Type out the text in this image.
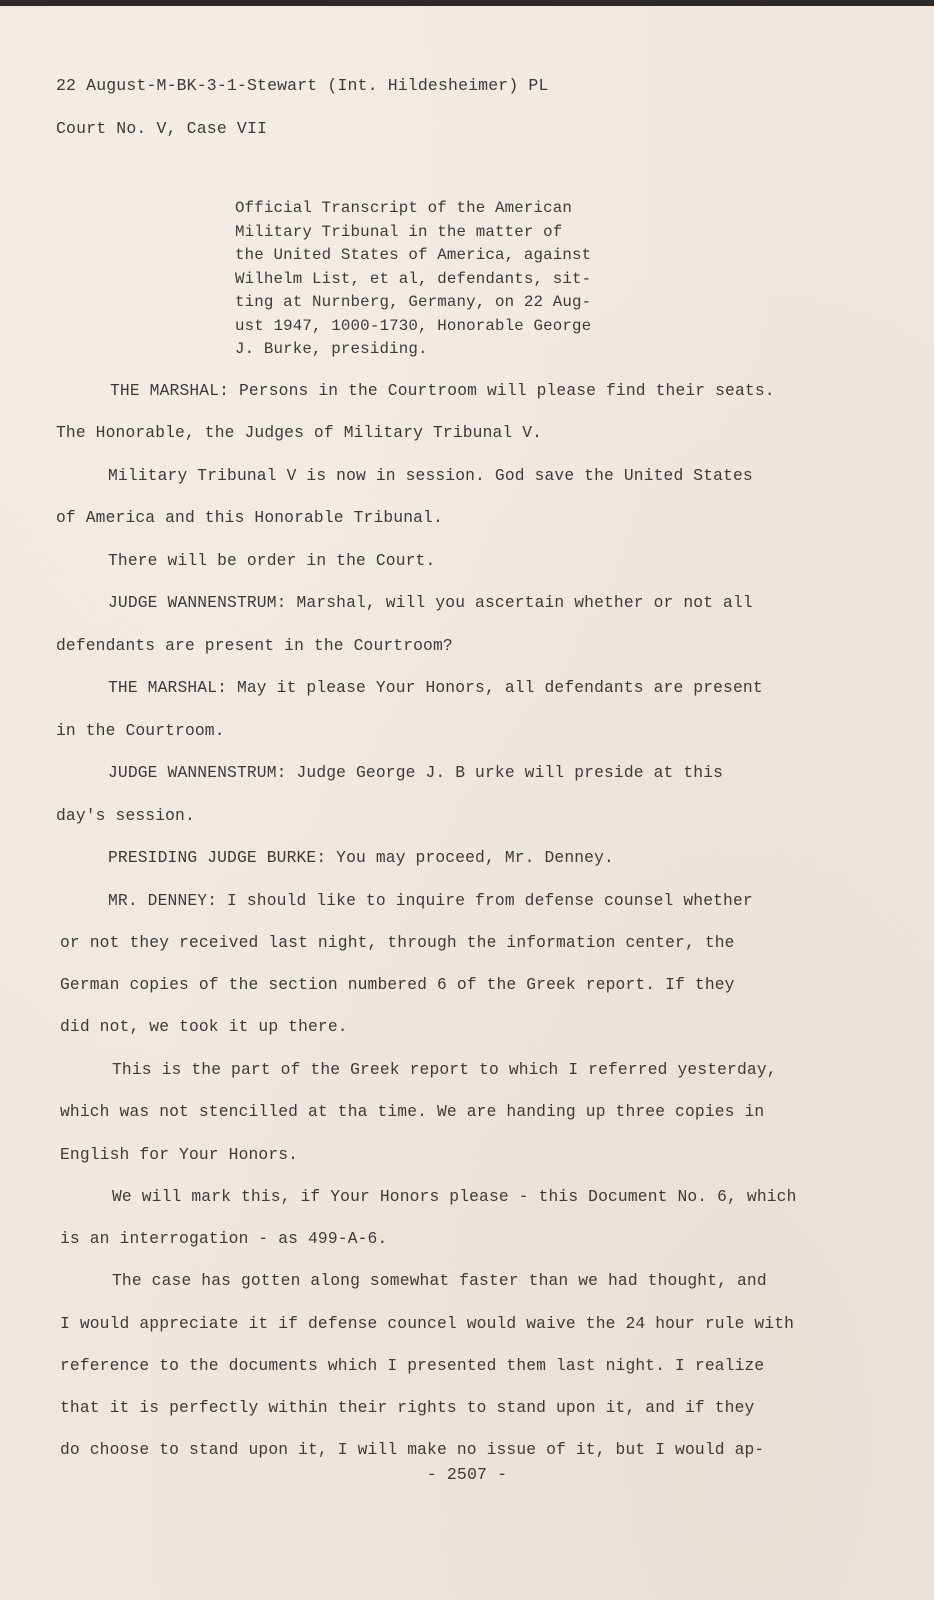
22 August-M-BK-3-1-Stewart (Int. Hildesheimer) PL
Court No. V, Case VII
Official Transcript of the American
Military Tribunal in the matter of
the United States of America, against
Wilhelm List, et al, defendants, sit-
ting at Nurnberg, Germany, on 22 Aug-
ust 1947, 1000-1730, Honorable George
J. Burke, presiding.
THE MARSHAL: Persons in the Courtroom will please find their seats.
The Honorable, the Judges of Military Tribunal V.
Military Tribunal V is now in session. God save the United States
of America and this Honorable Tribunal.
There will be order in the Court.
JUDGE WANNENSTRUM: Marshal, will you ascertain whether or not all
defendants are present in the Courtroom?
THE MARSHAL: May it please Your Honors, all defendants are present
in the Courtroom.
JUDGE WANNENSTRUM: Judge George J. B urke will preside at this
day's session.
PRESIDING JUDGE BURKE: You may proceed, Mr. Denney.
MR. DENNEY: I should like to inquire from defense counsel whether
or not they received last night, through the information center, the
German copies of the section numbered 6 of the Greek report. If they
did not, we took it up there.
This is the part of the Greek report to which I referred yesterday,
which was not stencilled at tha time. We are handing up three copies in
English for Your Honors.
We will mark this, if Your Honors please - this Document No. 6, which
is an interrogation - as 499-A-6.
The case has gotten along somewhat faster than we had thought, and
I would appreciate it if defense councel would waive the 24 hour rule with
reference to the documents which I presented them last night. I realize
that it is perfectly within their rights to stand upon it, and if they
do choose to stand upon it, I will make no issue of it, but I would ap-
- 2507 -
